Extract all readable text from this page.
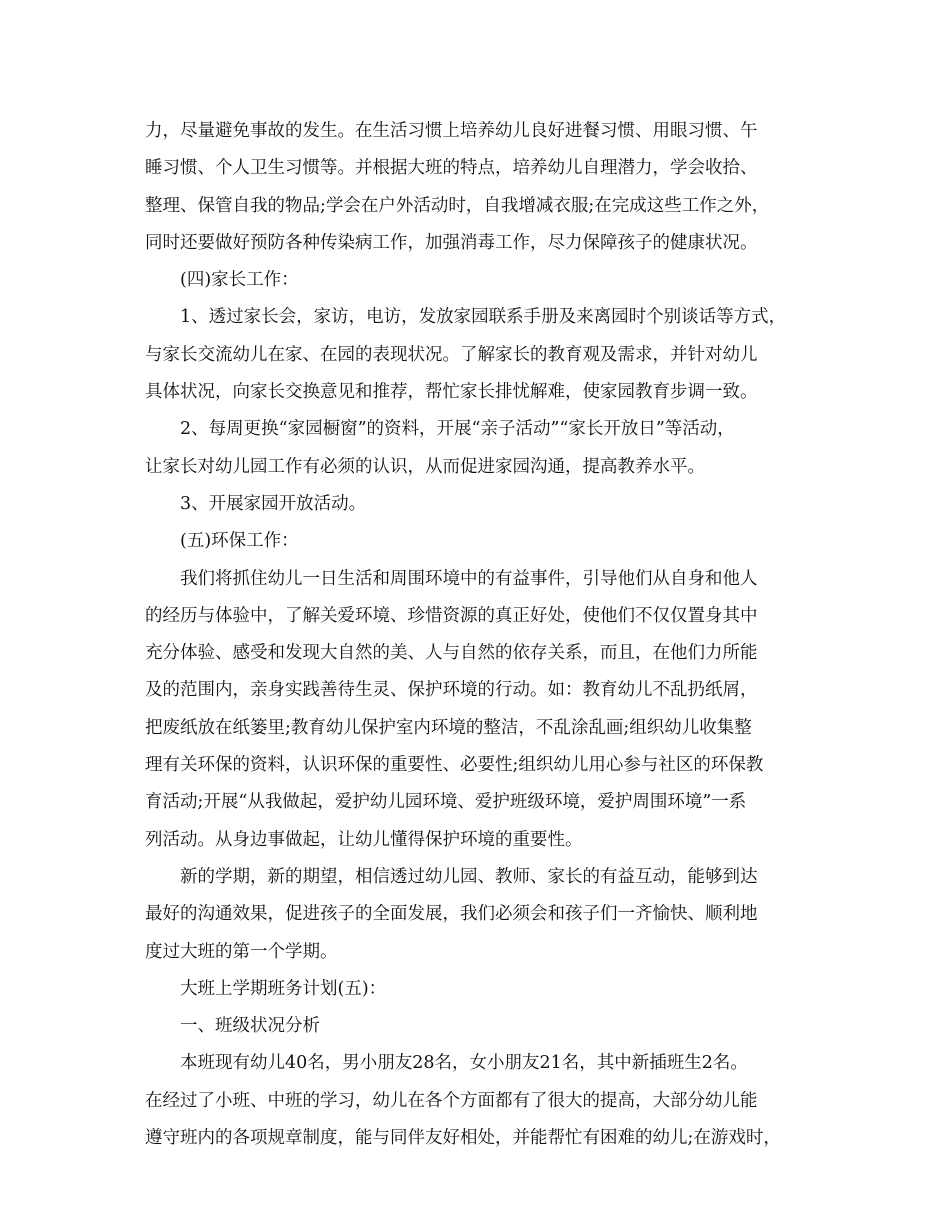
力，尽量避免事故的发生。在生活习惯上培养幼儿良好进餐习惯、用眼习惯、午
睡习惯、个人卫生习惯等。并根据大班的特点，培养幼儿自理潜力，学会收拾、
整理、保管自我的物品;学会在户外活动时，自我增减衣服;在完成这些工作之外，
同时还要做好预防各种传染病工作，加强消毒工作，尽力保障孩子的健康状况。
(四)家长工作：
1、透过家长会，家访，电访，发放家园联系手册及来离园时个别谈话等方式，
与家长交流幼儿在家、在园的表现状况。了解家长的教育观及需求，并针对幼儿
具体状况，向家长交换意见和推荐，帮忙家长排忧解难，使家园教育步调一致。
2、每周更换“家园橱窗”的资料，开展“亲子活动”“家长开放日”等活动，
让家长对幼儿园工作有必须的认识，从而促进家园沟通，提高教养水平。
3、开展家园开放活动。
(五)环保工作：
我们将抓住幼儿一日生活和周围环境中的有益事件，引导他们从自身和他人
的经历与体验中，了解关爱环境、珍惜资源的真正好处，使他们不仅仅置身其中
充分体验、感受和发现大自然的美、人与自然的依存关系，而且，在他们力所能
及的范围内，亲身实践善待生灵、保护环境的行动。如：教育幼儿不乱扔纸屑，
把废纸放在纸篓里;教育幼儿保护室内环境的整洁，不乱涂乱画;组织幼儿收集整
理有关环保的资料，认识环保的重要性、必要性;组织幼儿用心参与社区的环保教
育活动;开展“从我做起，爱护幼儿园环境、爱护班级环境，爱护周围环境”一系
列活动。从身边事做起，让幼儿懂得保护环境的重要性。
新的学期，新的期望，相信透过幼儿园、教师、家长的有益互动，能够到达
最好的沟通效果，促进孩子的全面发展，我们必须会和孩子们一齐愉快、顺利地
度过大班的第一个学期。
大班上学期班务计划(五)：
一、班级状况分析
本班现有幼儿40名，男小朋友28名，女小朋友21名，其中新插班生2名。
在经过了小班、中班的学习，幼儿在各个方面都有了很大的提高，大部分幼儿能
遵守班内的各项规章制度，能与同伴友好相处，并能帮忙有困难的幼儿;在游戏时，
